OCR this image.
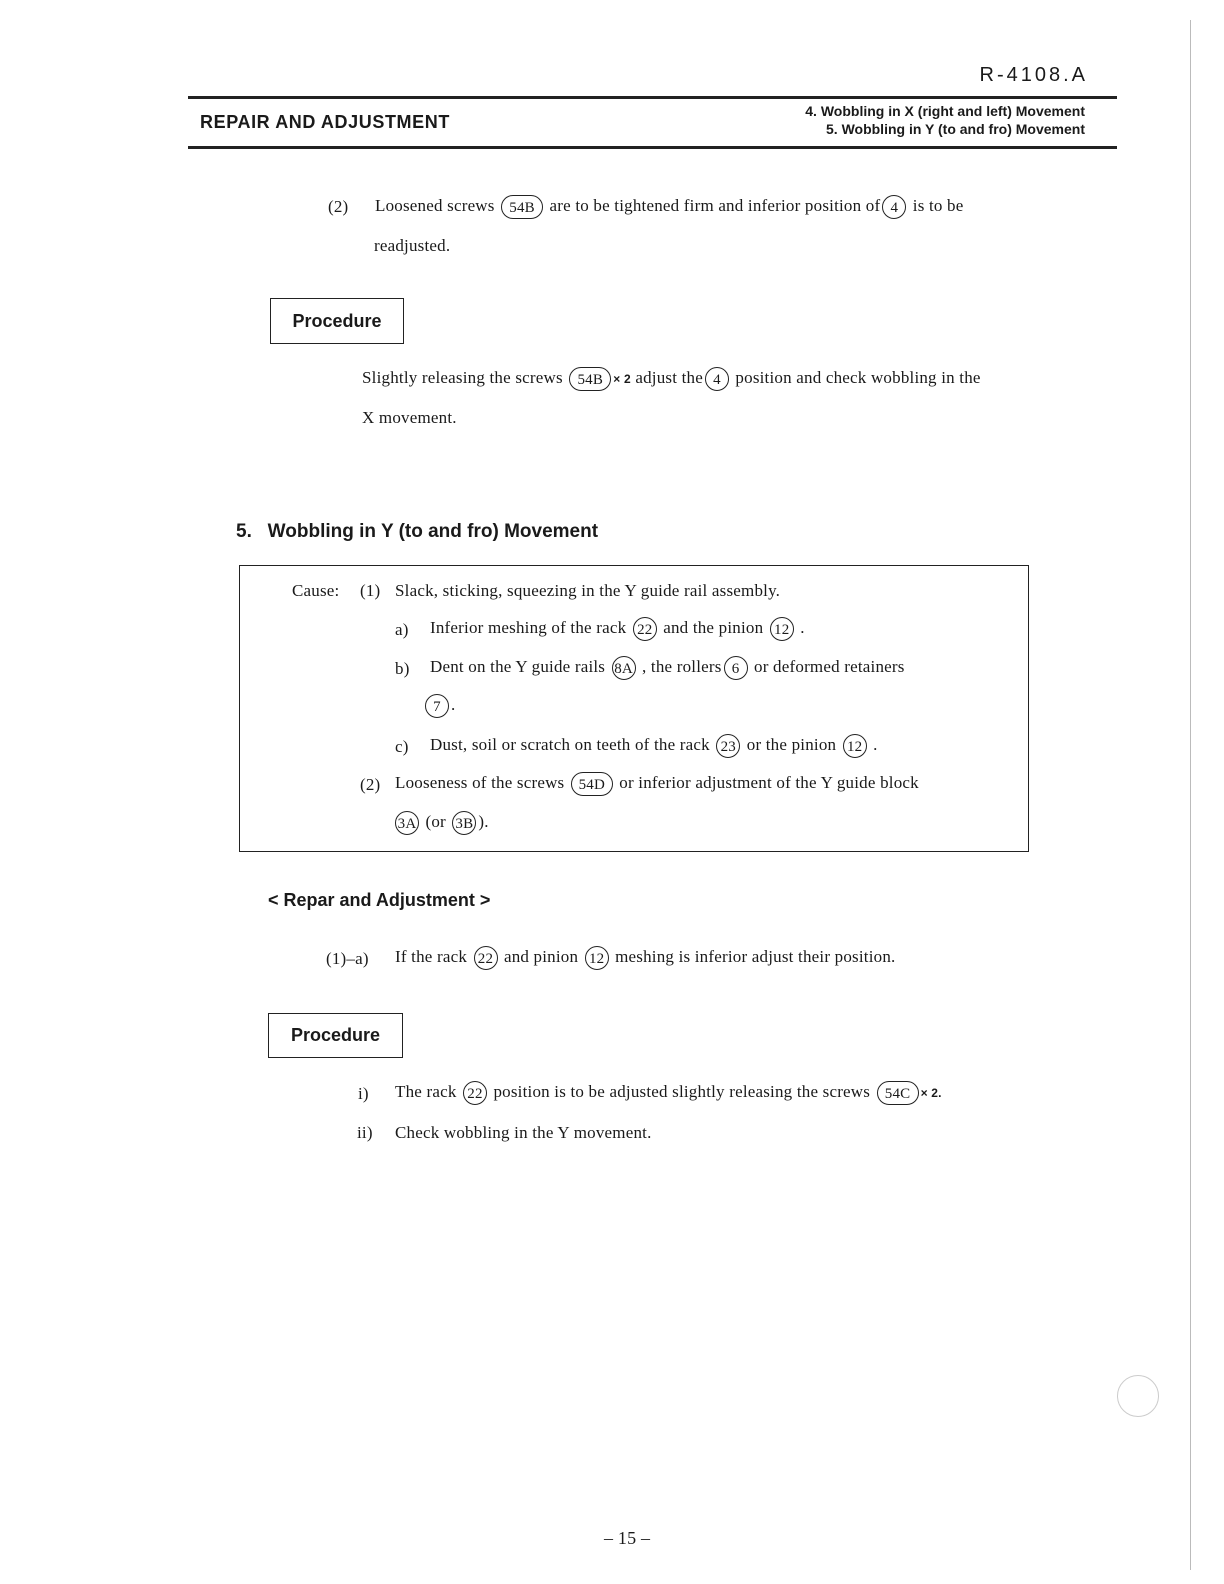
R-4108.A
REPAIR AND ADJUSTMENT
4. Wobbling in X (right and left) Movement
5. Wobbling in Y (to and fro) Movement
(2) Loosened screws 54B are to be tightened firm and inferior position of 4 is to be
readjusted.
Procedure
Slightly releasing the screws 54B × 2 adjust the 4 position and check wobbling in the
X movement.
5.   Wobbling in Y (to and fro) Movement
Cause: (1) Slack, sticking, squeezing in the Y guide rail assembly.
a) Inferior meshing of the rack 22 and the pinion 12 .
b) Dent on the Y guide rails 8A , the rollers 6 or deformed retainers
7 .
c) Dust, soil or scratch on teeth of the rack 23 or the pinion 12 .
(2) Looseness of the screws 54D or inferior adjustment of the Y guide block
3A (or 3B ).
< Repar and Adjustment >
(1)–a) If the rack 22 and pinion 12 meshing is inferior adjust their position.
Procedure
i) The rack 22 position is to be adjusted slightly releasing the screws 54C × 2.
ii) Check wobbling in the Y movement.
– 15 –
